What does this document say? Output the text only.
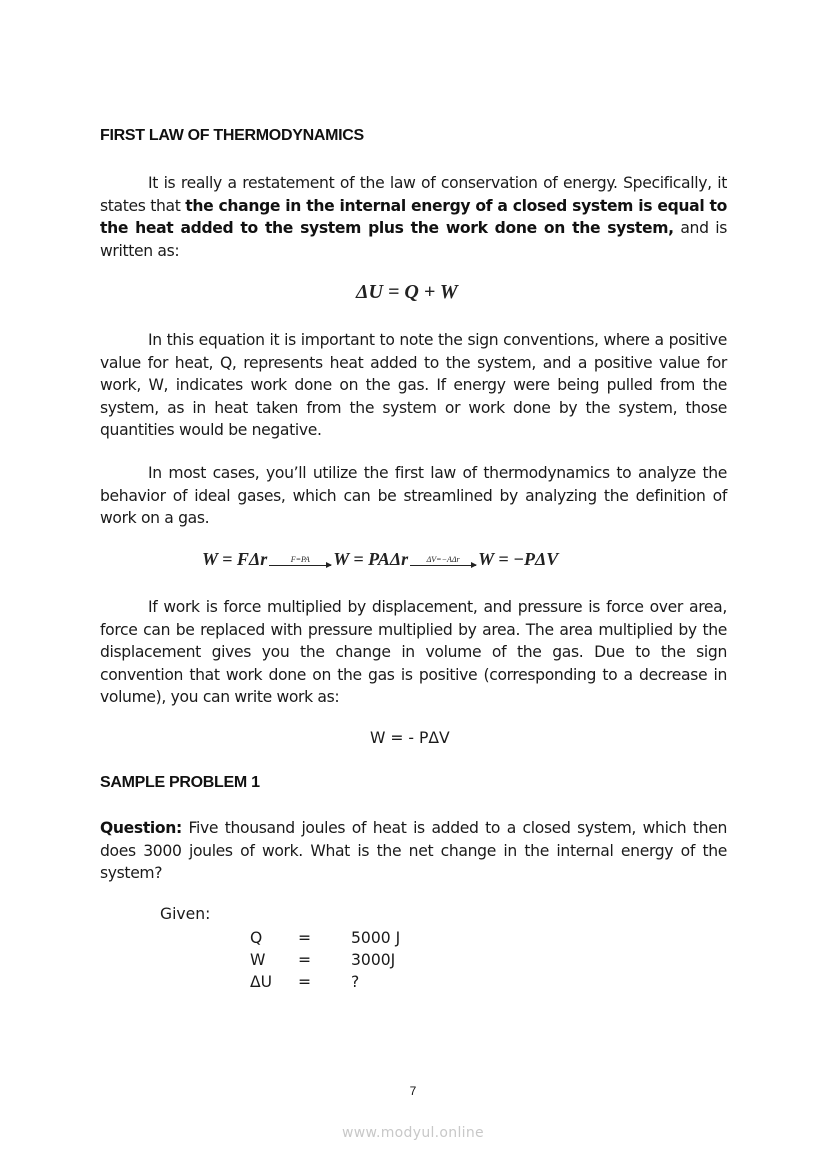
FIRST LAW OF THERMODYNAMICS
It is really a restatement of the law of conservation of energy. Specifically, it states that the change in the internal energy of a closed system is equal to the heat added to the system plus the work done on the system, and is written as:
In this equation it is important to note the sign conventions, where a positive value for heat, Q, represents heat added to the system, and a positive value for work, W, indicates work done on the gas. If energy were being pulled from the system, as in heat taken from the system or work done by the system, those quantities would be negative.
In most cases, you’ll utilize the first law of thermodynamics to analyze the behavior of ideal gases, which can be streamlined by analyzing the definition of work on a gas.
If work is force multiplied by displacement, and pressure is force over area, force can be replaced with pressure multiplied by area. The area multiplied by the displacement gives you the change in volume of the gas. Due to the sign convention that work done on the gas is positive (corresponding to a decrease in volume), you can write work as:
SAMPLE PROBLEM 1
Question: Five thousand joules of heat is added to a closed system, which then does 3000 joules of work. What is the net change in the internal energy of the system?
Given:
Q =	5000 J
W =	3000J
ΔU =	?
ΔU = Q + W
W = FΔr	F=PA W = PAΔr ΔV=−AΔr W = −PΔV
W = - PΔV
7
www.modyul.online
